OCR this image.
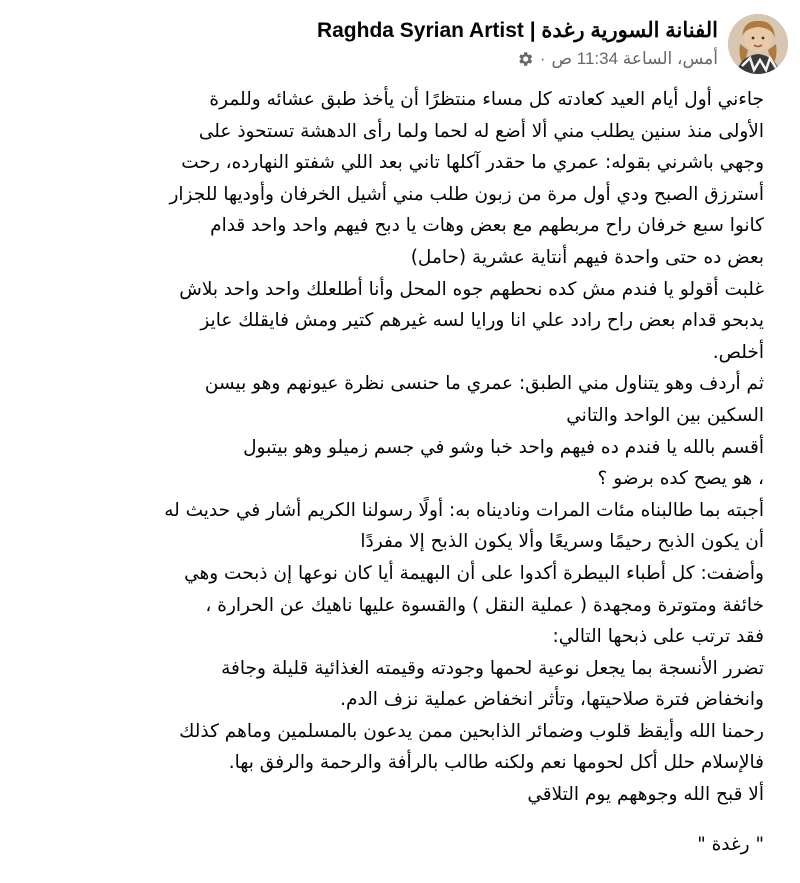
الفنانة السورية رغدة | Raghda Syrian Artist
أمس، الساعة 11:34 ص
·
جاءني أول أيام العيد كعادته كل مساء منتظرًا أن يأخذ طبق عشائه وللمرة
الأولى منذ سنين يطلب مني ألا أضع له لحما ولما رأى الدهشة تستحوذ على
وجهي باشرني بقوله: عمري ما حقدر آكلها تاني بعد اللي شفتو النهارده، رحت
أسترزق الصبح ودي أول مرة من زبون طلب مني أشيل الخرفان وأوديها للجزار
كانوا سبع خرفان راح مربطهم مع بعض وهات يا دبح فيهم واحد واحد قدام
بعض ده حتى واحدة فيهم أنتاية عشرية (حامل)
غلبت أقولو يا فندم مش كده نحطهم جوه المحل وأنا أطلعلك واحد واحد بلاش
يدبحو قدام بعض راح رادد علي انا ورايا لسه غيرهم كتير ومش فايقلك عايز
أخلص.
ثم أردف وهو يتناول مني الطبق: عمري ما حنسى نظرة عيونهم وهو بيسن
السكين بين الواحد والتاني
أقسم بالله يا فندم ده فيهم واحد خبا وشو في جسم زميلو وهو بيتبول
، هو يصح كده برضو ؟
أجبته بما طالبناه مئات المرات وناديناه به: أولًا رسولنا الكريم أشار في حديث له
أن يكون الذبح رحيمًا وسريعًا وألا يكون الذبح إلا مفردًا
وأضفت: كل أطباء البيطرة أكدوا على أن البهيمة أيا كان نوعها إن ذبحت وهي
خائفة ومتوترة ومجهدة ( عملية النقل ) والقسوة عليها ناهيك عن الحرارة ،
فقد ترتب على ذبحها التالي:
تضرر الأنسجة بما يجعل نوعية لحمها وجودته وقيمته الغذائية قليلة وجافة
وانخفاض فترة صلاحيتها، وتأثر انخفاض عملية نزف الدم.
رحمنا الله وأيقظ قلوب وضمائر الذابحين ممن يدعون بالمسلمين وماهم كذلك
فالإسلام حلل أكل لحومها نعم ولكنه طالب بالرأفة والرحمة والرفق بها.
ألا قبح الله وجوههم يوم التلاقي
" رغدة "
